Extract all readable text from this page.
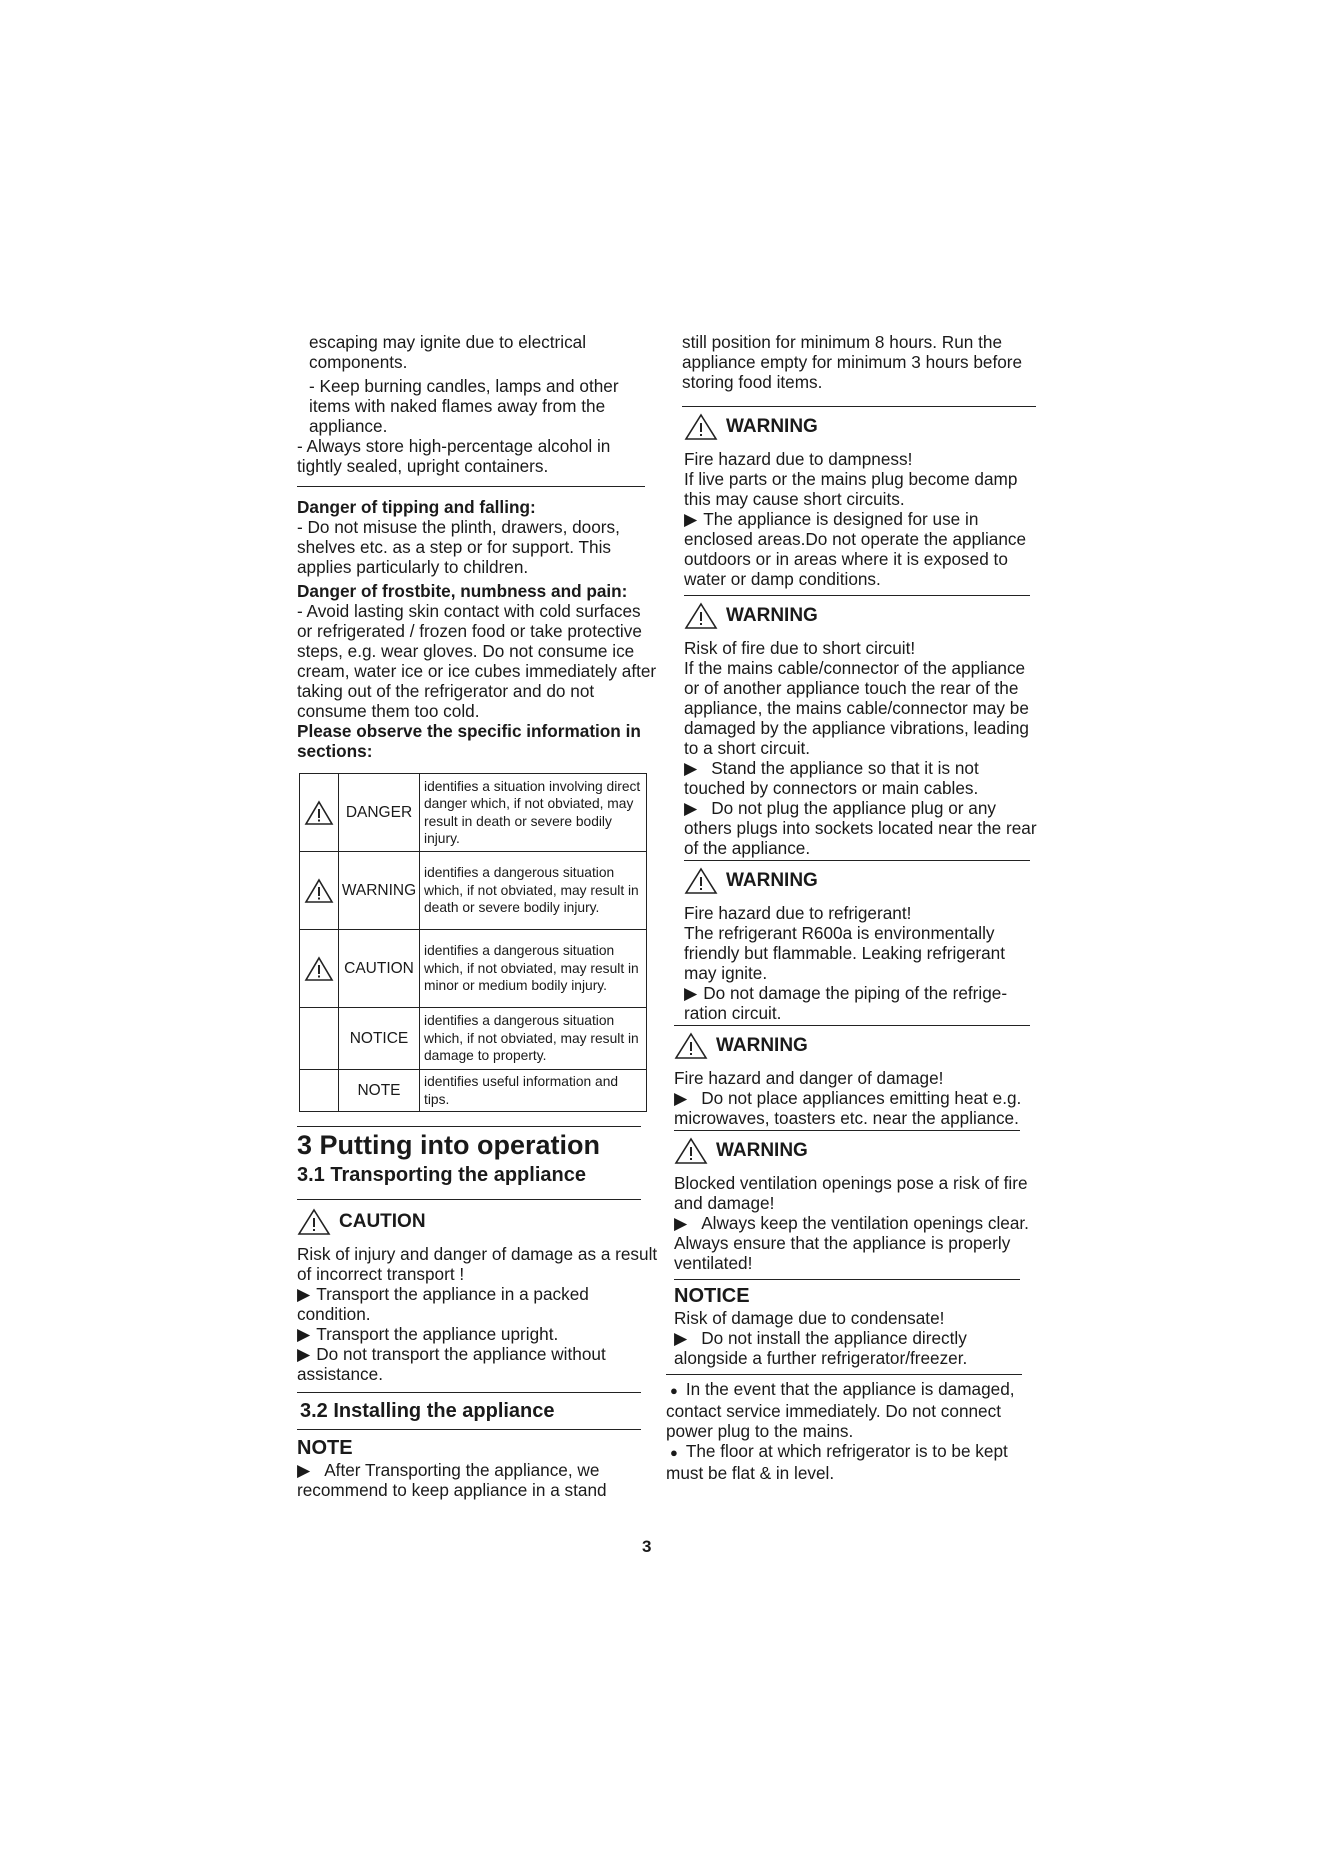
escaping may ignite due to electrical components.

- Keep burning candles, lamps and other items with naked flames away from the appliance.

- Always store high-percentage alcohol in tightly sealed, upright containers.

Danger of tipping and falling:

- Do not misuse the plinth, drawers, doors, shelves etc. as a step or for support. This applies particularly to children.

Danger of frostbite, numbness and pain:

- Avoid lasting skin contact with cold surfaces or refrigerated / frozen food or take protective steps, e.g. wear gloves. Do not consume ice cream, water ice or ice cubes immediately after taking out of the refrigerator and do not consume them too cold.

Please observe the specific information in sections:

	DANGER	identifies a situation involving direct danger which, if not obviated, may result in death or severe bodily injury.

	WARNING	identifies a dangerous situation which, if not obviated, may result in death or severe bodily injury.

	CAUTION	identifies a dangerous situation which, if not obviated, may result in minor or medium bodily injury.
	NOTICE	identifies a dangerous situation which, if not obviated, may result in damage to property.
	NOTE	identifies useful information and tips.

3 Putting into operation

3.1 Transporting the appliance

CAUTION

Risk of injury and danger of damage as a result of incorrect transport !

▶ Transport the appliance in a packed condition.

▶ Transport the appliance upright.

▶ Do not transport the appliance without assistance.

3.2 Installing the appliance

NOTE

▶ After Transporting the appliance, we recommend to keep appliance in a stand

still position for minimum 8 hours. Run the appliance empty for minimum 3 hours before storing food items.

WARNING

Fire hazard due to dampness!

If live parts or the mains plug become damp this may cause short circuits.

▶ The appliance is designed for use in enclosed areas.Do not operate the appliance outdoors or in areas where it is exposed to water or damp conditions.

WARNING

Risk of fire due to short circuit!

If the mains cable/connector of the appliance or of another appliance touch the rear of the appliance, the mains cable/connector may be damaged by the appliance vibrations, leading to a short circuit.

▶ Stand the appliance so that it is not touched by connectors or main cables.

▶ Do not plug the appliance plug or any others plugs into sockets located near the rear of the appliance.

WARNING

Fire hazard due to refrigerant!

The refrigerant R600a is environmentally friendly but flammable. Leaking refrigerant may ignite.

▶ Do not damage the piping of the refrige-ration circuit.

WARNING

Fire hazard and danger of damage!

▶ Do not place appliances emitting heat e.g. microwaves, toasters etc. near the appliance.

WARNING

Blocked ventilation openings pose a risk of fire and damage!

▶ Always keep the ventilation openings clear. Always ensure that the appliance is properly ventilated!

NOTICE

Risk of damage due to condensate!

▶ Do not install the appliance directly alongside a further refrigerator/freezer.

● In the event that the appliance is damaged, contact service immediately. Do not connect power plug to the mains.

● The floor at which refrigerator is to be kept must be flat & in level.

3
